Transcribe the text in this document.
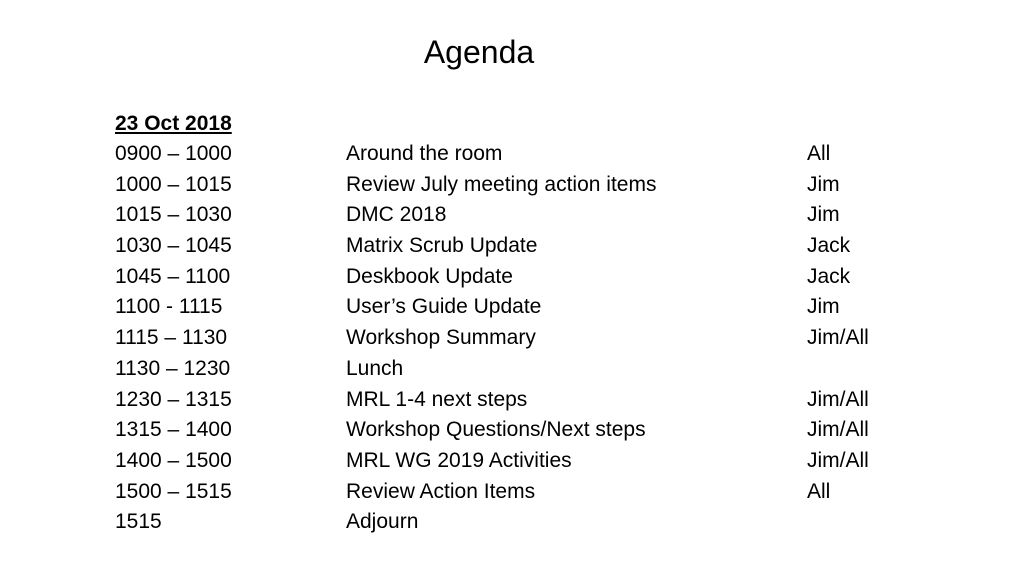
Agenda
23 Oct 2018
0900 – 1000	Around the room	All
1000 – 1015	Review July meeting action items	Jim
1015 – 1030	DMC 2018	Jim
1030 – 1045	Matrix Scrub Update	Jack
1045 – 1100	Deskbook Update	Jack
1100 - 1115	User’s Guide Update	Jim
1115 – 1130	Workshop Summary	Jim/All
1130 – 1230	Lunch
1230 – 1315	MRL 1-4 next steps	Jim/All
1315 – 1400	Workshop Questions/Next steps	Jim/All
1400 – 1500	MRL WG 2019 Activities	Jim/All
1500 – 1515	Review Action Items	All
1515	Adjourn
